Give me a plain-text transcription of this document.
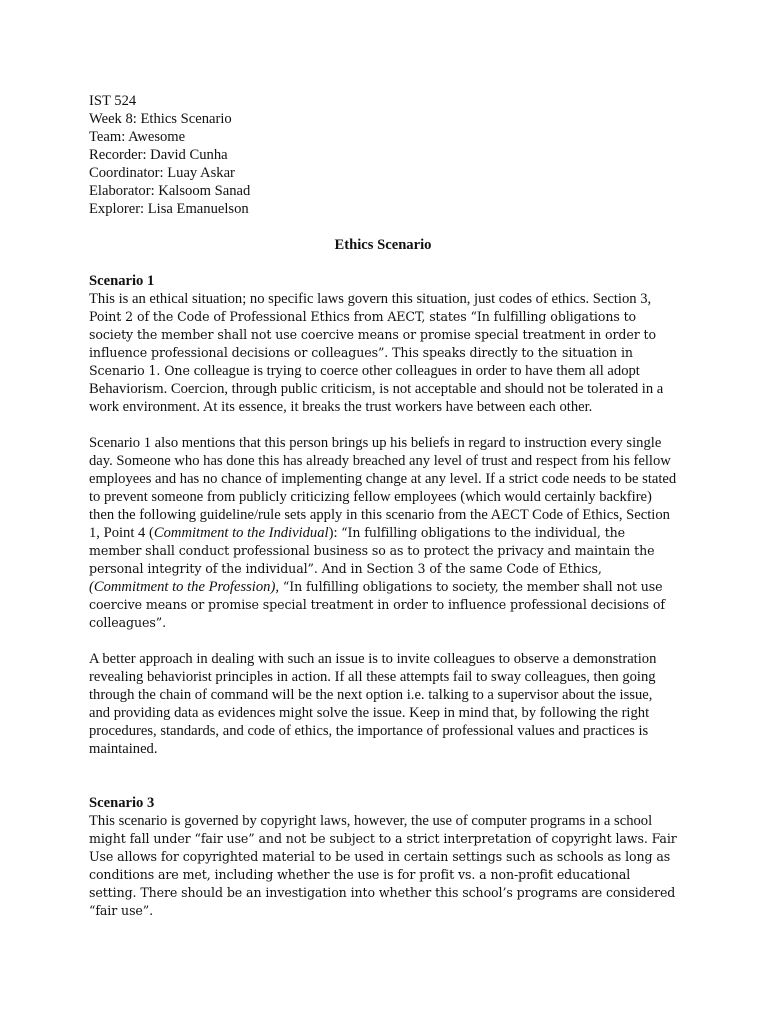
IST 524

Week 8: Ethics Scenario

Team: Awesome

Recorder: David Cunha

Coordinator: Luay Askar

Elaborator: Kalsoom Sanad

Explorer: Lisa Emanuelson

Ethics Scenario

Scenario 1

This is an ethical situation; no specific laws govern this situation, just codes of ethics. Section 3, Point 2 of the Code of Professional Ethics from AECT, states “In fulfilling obligations to society the member shall not use coercive means or promise special treatment in order to influence professional decisions or colleagues”. This speaks directly to the situation in Scenario 1. One colleague is trying to coerce other colleagues in order to have them all adopt Behaviorism. Coercion, through public criticism, is not acceptable and should not be tolerated in a work environment. At its essence, it breaks the trust workers have between each other.

Scenario 1 also mentions that this person brings up his beliefs in regard to instruction every single day. Someone who has done this has already breached any level of trust and respect from his fellow employees and has no chance of implementing change at any level. If a strict code needs to be stated to prevent someone from publicly criticizing fellow employees (which would certainly backfire) then the following guideline/rule sets apply in this scenario from the AECT Code of Ethics, Section 1, Point 4 (Commitment to the Individual): “In fulfilling obligations to the individual, the member shall conduct professional business so as to protect the privacy and maintain the personal integrity of the individual”. And in Section 3 of the same Code of Ethics, (Commitment to the Profession), “In fulfilling obligations to society, the member shall not use coercive means or promise special treatment in order to influence professional decisions of colleagues”.

A better approach in dealing with such an issue is to invite colleagues to observe a demonstration revealing behaviorist principles in action. If all these attempts fail to sway colleagues, then going through the chain of command will be the next option i.e. talking to a supervisor about the issue, and providing data as evidences might solve the issue. Keep in mind that, by following the right procedures, standards, and code of ethics, the importance of professional values and practices is maintained.

Scenario 3

This scenario is governed by copyright laws, however, the use of computer programs in a school might fall under “fair use” and not be subject to a strict interpretation of copyright laws. Fair Use allows for copyrighted material to be used in certain settings such as schools as long as conditions are met, including whether the use is for profit vs. a non-profit educational setting. There should be an investigation into whether this school’s programs are considered “fair use”.
